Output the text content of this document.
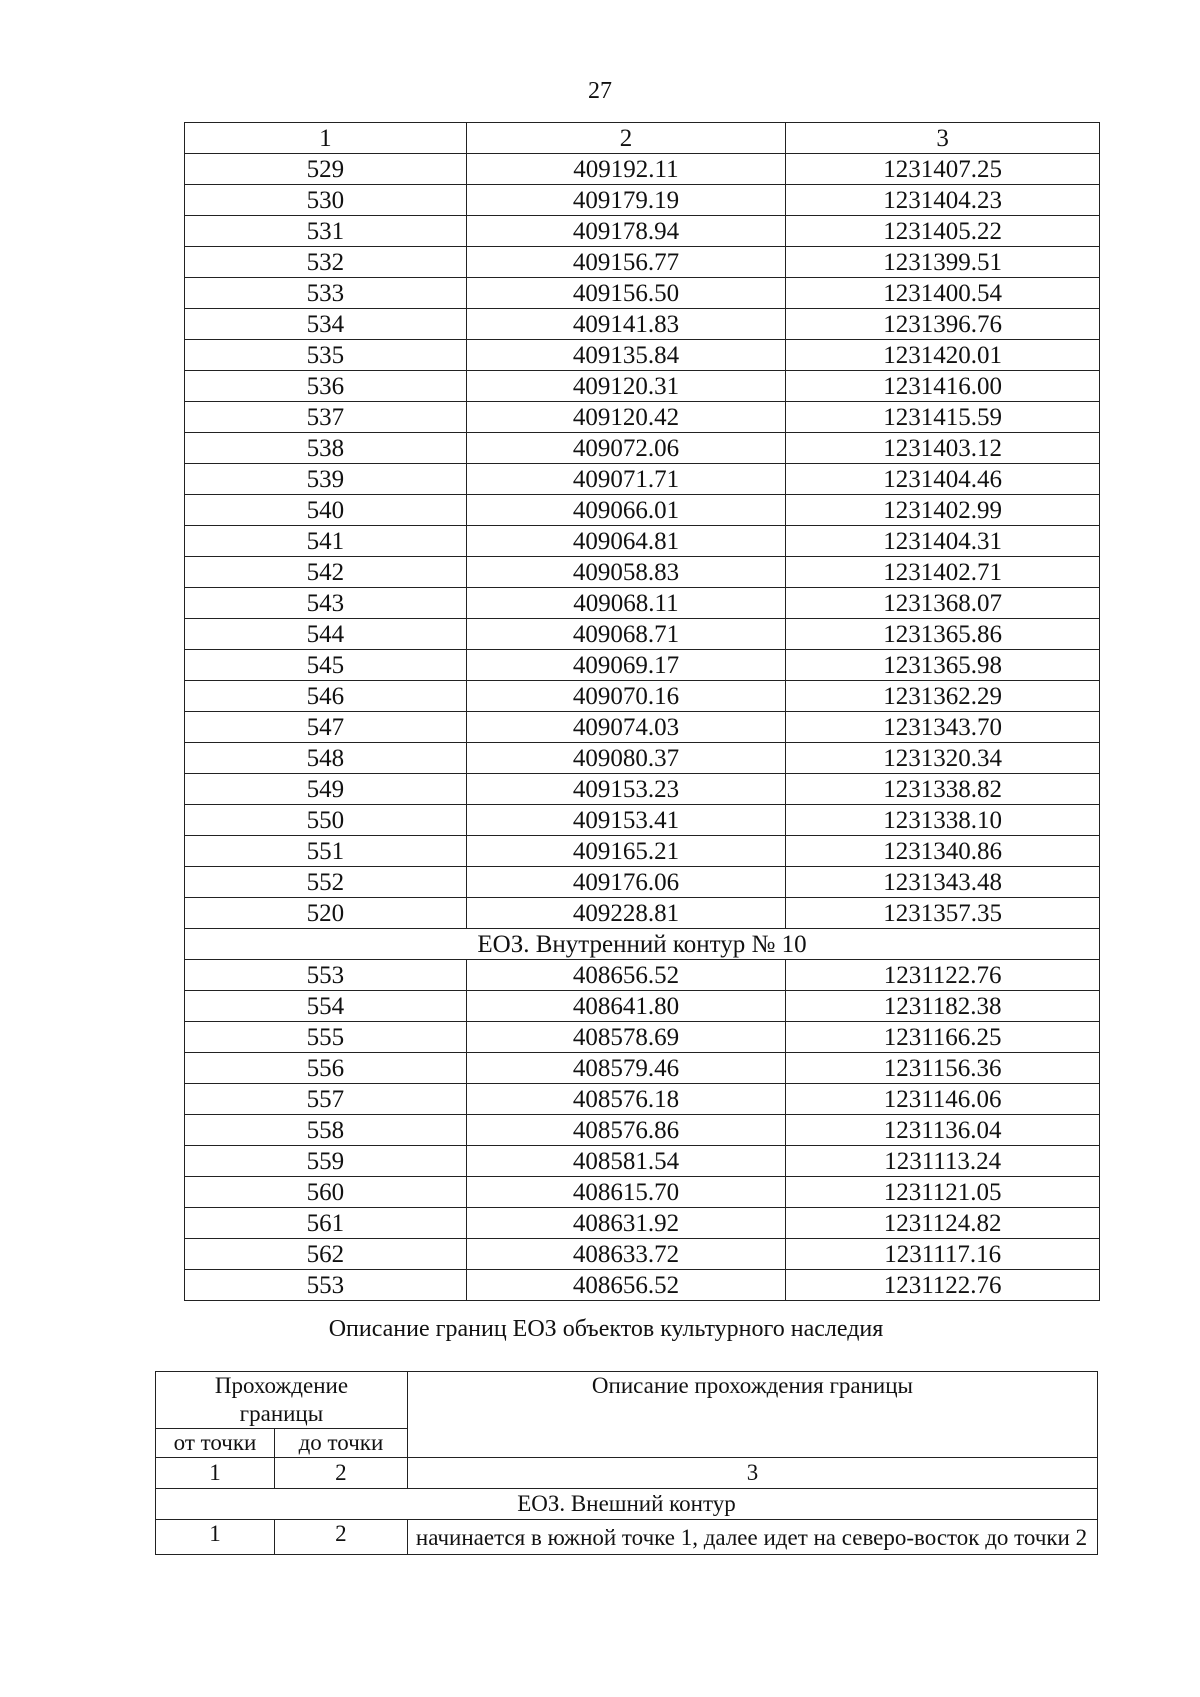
27
1	2	3
529	409192.11	1231407.25
530	409179.19	1231404.23
531	409178.94	1231405.22
532	409156.77	1231399.51
533	409156.50	1231400.54
534	409141.83	1231396.76
535	409135.84	1231420.01
536	409120.31	1231416.00
537	409120.42	1231415.59
538	409072.06	1231403.12
539	409071.71	1231404.46
540	409066.01	1231402.99
541	409064.81	1231404.31
542	409058.83	1231402.71
543	409068.11	1231368.07
544	409068.71	1231365.86
545	409069.17	1231365.98
546	409070.16	1231362.29
547	409074.03	1231343.70
548	409080.37	1231320.34
549	409153.23	1231338.82
550	409153.41	1231338.10
551	409165.21	1231340.86
552	409176.06	1231343.48
520	409228.81	1231357.35
ЕОЗ. Внутренний контур № 10		
553	408656.52	1231122.76
554	408641.80	1231182.38
555	408578.69	1231166.25
556	408579.46	1231156.36
557	408576.18	1231146.06
558	408576.86	1231136.04
559	408581.54	1231113.24
560	408615.70	1231121.05
561	408631.92	1231124.82
562	408633.72	1231117.16
553	408656.52	1231122.76
Описание границ ЕОЗ объектов культурного наследия
Прохождение границы		Описание прохождения границы
от точки	до точки	
1	2	3
ЕОЗ. Внешний контур		
1	2	начинается в южной точке 1, далее идет на северо-восток до точки 2
